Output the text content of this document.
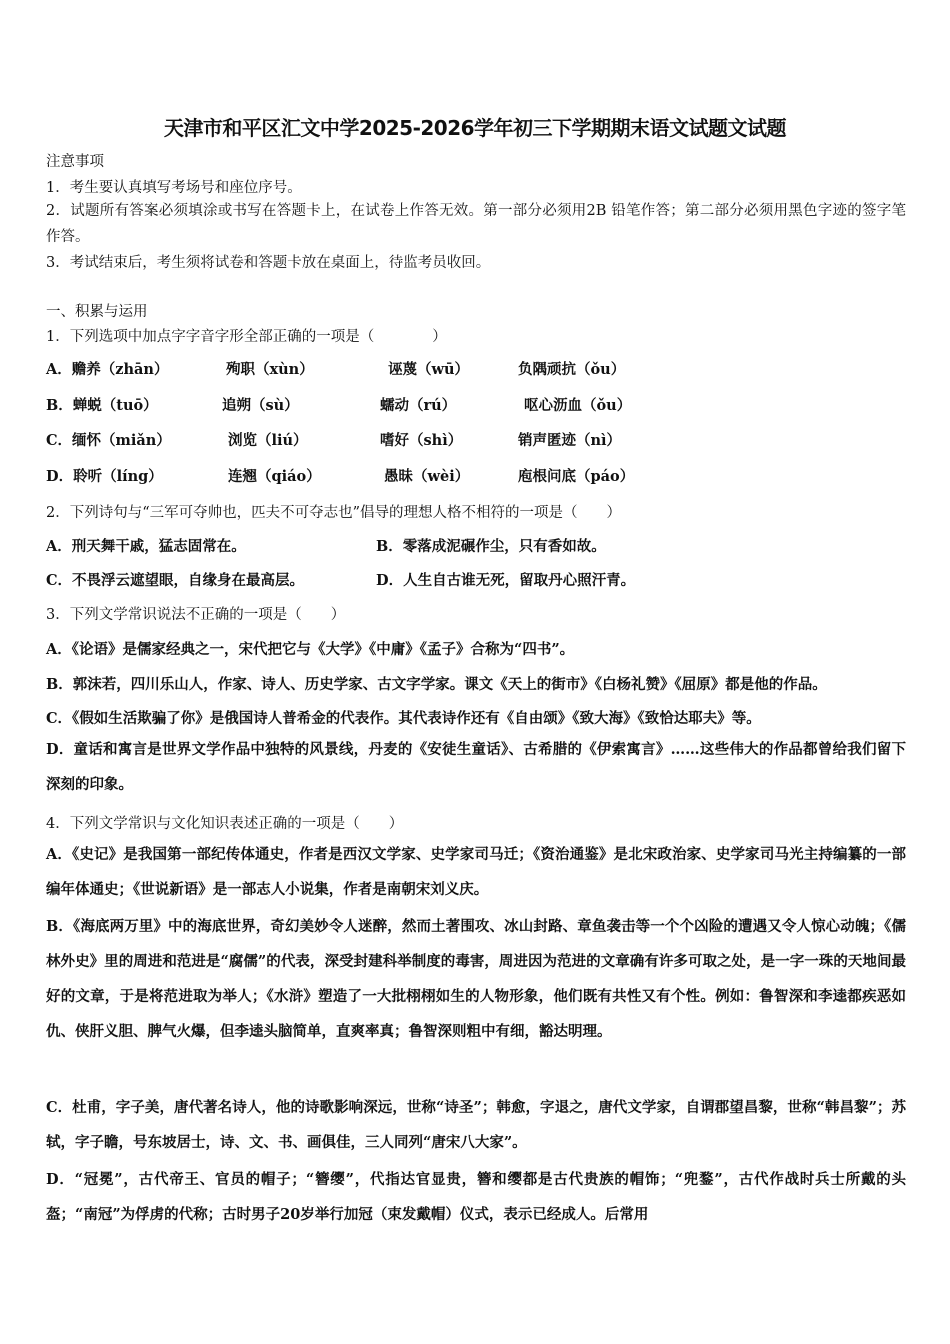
天津市和平区汇文中学2025-2026学年初三下学期期末语文试题文试题
注意事项
1．考生要认真填写考场号和座位序号。
2．试题所有答案必须填涂或书写在答题卡上，在试卷上作答无效。第一部分必须用2B 铅笔作答；第二部分必须用黑色字迹的签字笔作答。
3．考试结束后，考生须将试卷和答题卡放在桌面上，待监考员收回。
一、积累与运用
1．下列选项中加点字字音字形全部正确的一项是（　　　　）
A．赡养（zhān）	殉职（xùn）	诬蔑（wū）	负隅顽抗（ǒu）
B．蝉蜕（tuō）	追朔（sù）	蠕动（rú）	呕心沥血（ǒu）
C．缅怀（miǎn）	浏览（liú）	嗜好（shì）	销声匿迹（nì）
D．聆听（líng）	连翘（qiáo）	愚昧（wèi）	庖根问底（páo）
2．下列诗句与“三军可夺帅也，匹夫不可夺志也”倡导的理想人格不相符的一项是（　　）
A．刑天舞干戚，猛志固常在。	B．零落成泥碾作尘，只有香如故。
C．不畏浮云遮望眼，自缘身在最高层。	D．人生自古谁无死，留取丹心照汗青。
3．下列文学常识说法不正确的一项是（　　）
A．《论语》是儒家经典之一，宋代把它与《大学》《中庸》《孟子》合称为“四书”。
B．郭沫若，四川乐山人，作家、诗人、历史学家、古文字学家。课文《天上的街市》《白杨礼赞》《屈原》都是他的作品。
C．《假如生活欺骗了你》是俄国诗人普希金的代表作。其代表诗作还有《自由颂》《致大海》《致恰达耶夫》等。
D．童话和寓言是世界文学作品中独特的风景线，丹麦的《安徒生童话》、古希腊的《伊索寓言》……这些伟大的作品都曾给我们留下深刻的印象。
4．下列文学常识与文化知识表述正确的一项是（　　）
A．《史记》是我国第一部纪传体通史，作者是西汉文学家、史学家司马迁；《资治通鉴》是北宋政治家、史学家司马光主持编纂的一部编年体通史；《世说新语》是一部志人小说集，作者是南朝宋刘义庆。
B．《海底两万里》中的海底世界，奇幻美妙令人迷醉，然而土著围攻、冰山封路、章鱼袭击等一个个凶险的遭遇又令人惊心动魄；《儒林外史》里的周进和范进是“腐儒”的代表，深受封建科举制度的毒害，周进因为范进的文章确有许多可取之处，是一字一珠的天地间最好的文章，于是将范进取为举人；《水浒》塑造了一大批栩栩如生的人物形象，他们既有共性又有个性。例如：鲁智深和李逵都疾恶如仇、侠肝义胆、脾气火爆，但李逵头脑简单，直爽率真；鲁智深则粗中有细，豁达明理。
C．杜甫，字子美，唐代著名诗人，他的诗歌影响深远，世称“诗圣”；韩愈，字退之，唐代文学家，自谓郡望昌黎，世称“韩昌黎”；苏轼，字子瞻，号东坡居士，诗、文、书、画俱佳，三人同列“唐宋八大家”。
D．“冠冕”，古代帝王、官员的帽子；“簪缨”，代指达官显贵，簪和缨都是古代贵族的帽饰；“兜鍪”，古代作战时兵士所戴的头盔；“南冠”为俘虏的代称；古时男子20岁举行加冠（束发戴帽）仪式，表示已经成人。后常用
